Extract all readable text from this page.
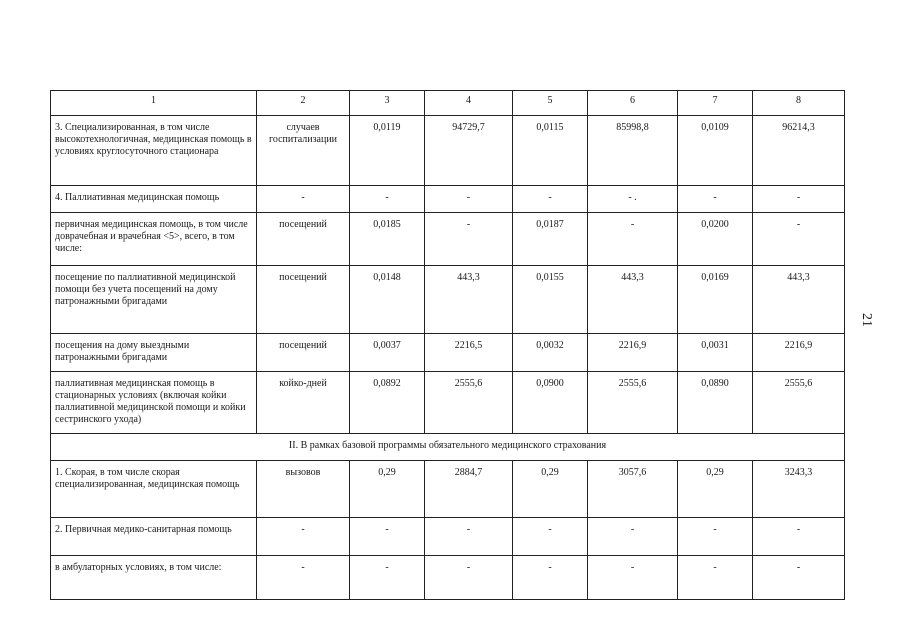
1	2	3	4	5	6	7	8
3. Специализированная, в том числе высокотехнологичная, медицинская помощь в условиях круглосуточного стационара	случаев госпитализации	0,0119	94729,7	0,0115	85998,8	0,0109	96214,3
4. Паллиативная медицинская помощь	-	-	-	-	- .	-	-
первичная медицинская помощь, в том числе доврачебная и врачебная <5>, всего, в том числе:	посещений	0,0185	-	0,0187	-	0,0200	-
посещение по паллиативной медицинской помощи без учета посещений на дому патронажными бригадами	посещений	0,0148	443,3	0,0155	443,3	0,0169	443,3
посещения на дому выездными патронажными бригадами	посещений	0,0037	2216,5	0,0032	2216,9	0,0031	2216,9
паллиативная медицинская помощь в стационарных условиях (включая койки паллиативной медицинской помощи и койки сестринского ухода)	койко-дней	0,0892	2555,6	0,0900	2555,6	0,0890	2555,6
II. В рамках базовой программы обязательного медицинского страхования							
1. Скорая, в том числе скорая специализированная, медицинская помощь	вызовов	0,29	2884,7	0,29	3057,6	0,29	3243,3
2. Первичная медико-санитарная помощь	-	-	-	-	-	-	-
в амбулаторных условиях, в том числе:	-	-	-	-	-	-	-
21
